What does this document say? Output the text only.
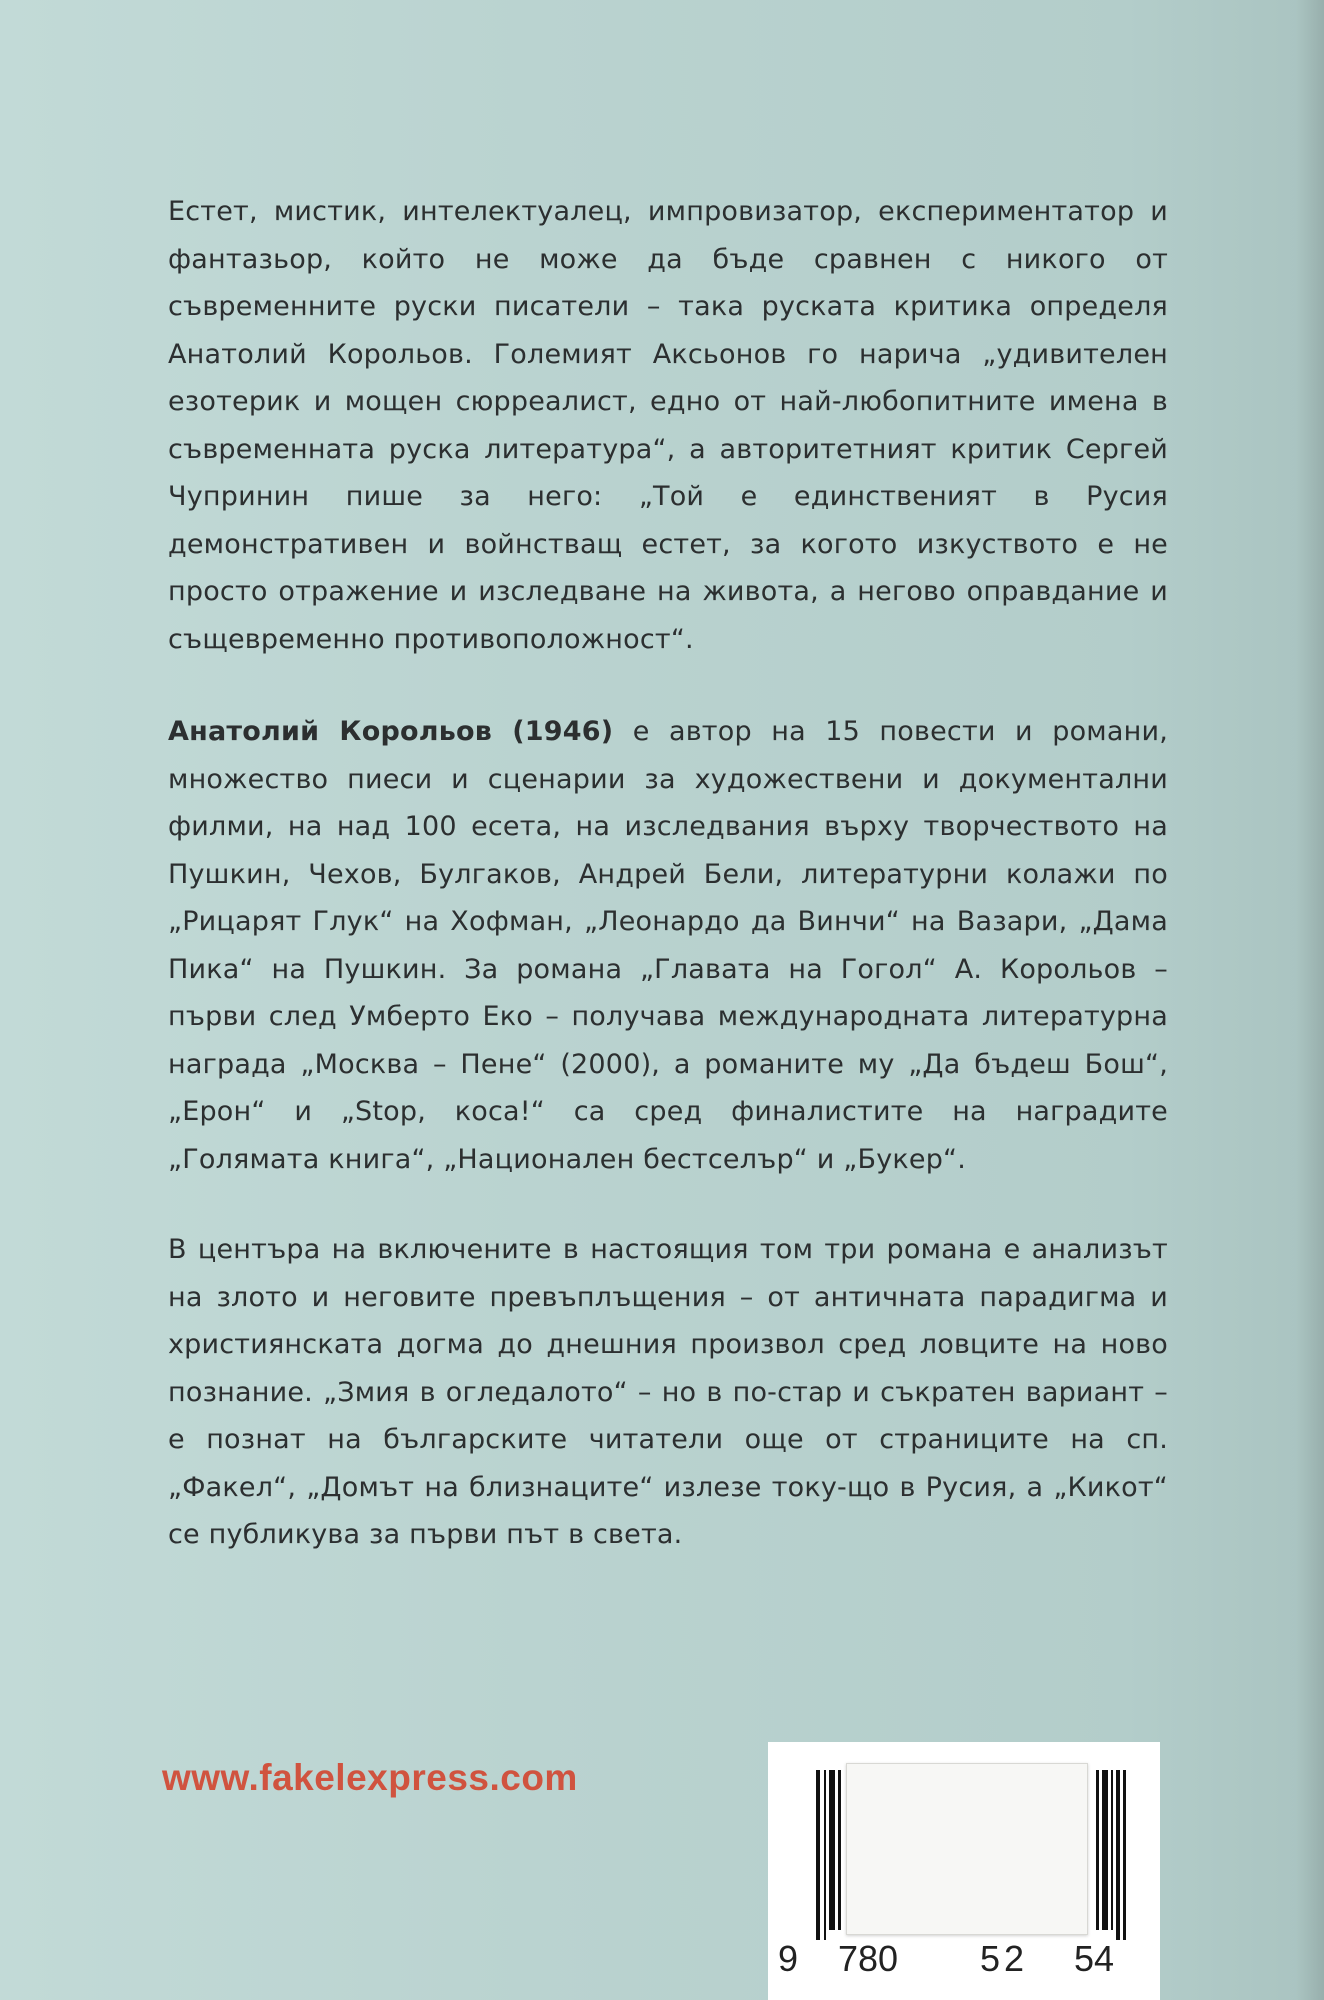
Естет, мистик, интелектуалец, импровизатор, експериментатор и фантазьор, който не може да бъде сравнен с никого от съвременните руски писатели – така руската критика определя Анатолий Корольов. Големият Аксьонов го нарича „удивителен езотерик и мощен сюрреалист, едно от най-любопитните имена в съвременната руска литература“, а авторитетният критик Сергей Чупринин пише за него: „Той е единственият в Русия демонстративен и войнстващ естет, за когото изкуството е не просто отражение и изследване на живота, а негово оправдание и същевременно противоположност“.

Анатолий Корольов (1946) е автор на 15 повести и романи, множество пиеси и сценарии за художествени и документални филми, на над 100 есета, на изследвания върху творчеството на Пушкин, Чехов, Булгаков, Андрей Бели, литературни колажи по „Рицарят Глук“ на Хофман, „Леонардо да Винчи“ на Вазари, „Дама Пика“ на Пушкин. За романа „Главата на Гогол“ А. Корольов – първи след Умберто Еко – получава международната литературна награда „Москва – Пене“ (2000), а романите му „Да бъдеш Бош“, „Ерон“ и „Stop, коса!“ са сред финалистите на наградите „Голямата книга“, „Национален бестселър“ и „Букер“.

В центъра на включените в настоящия том три романа е анализът на злото и неговите превъплъщения – от античната парадигма и християнската догма до днешния произвол сред ловците на ново познание. „Змия в огледалото“ – но в по-стар и съкратен вариант – е познат на българските читатели още от страниците на сп. „Факел“, „Домът на близнаците“ излезе току-що в Русия, а „Кикот“ се публикува за първи път в света.

www.fakelexpress.com
9 780 5 2 54
